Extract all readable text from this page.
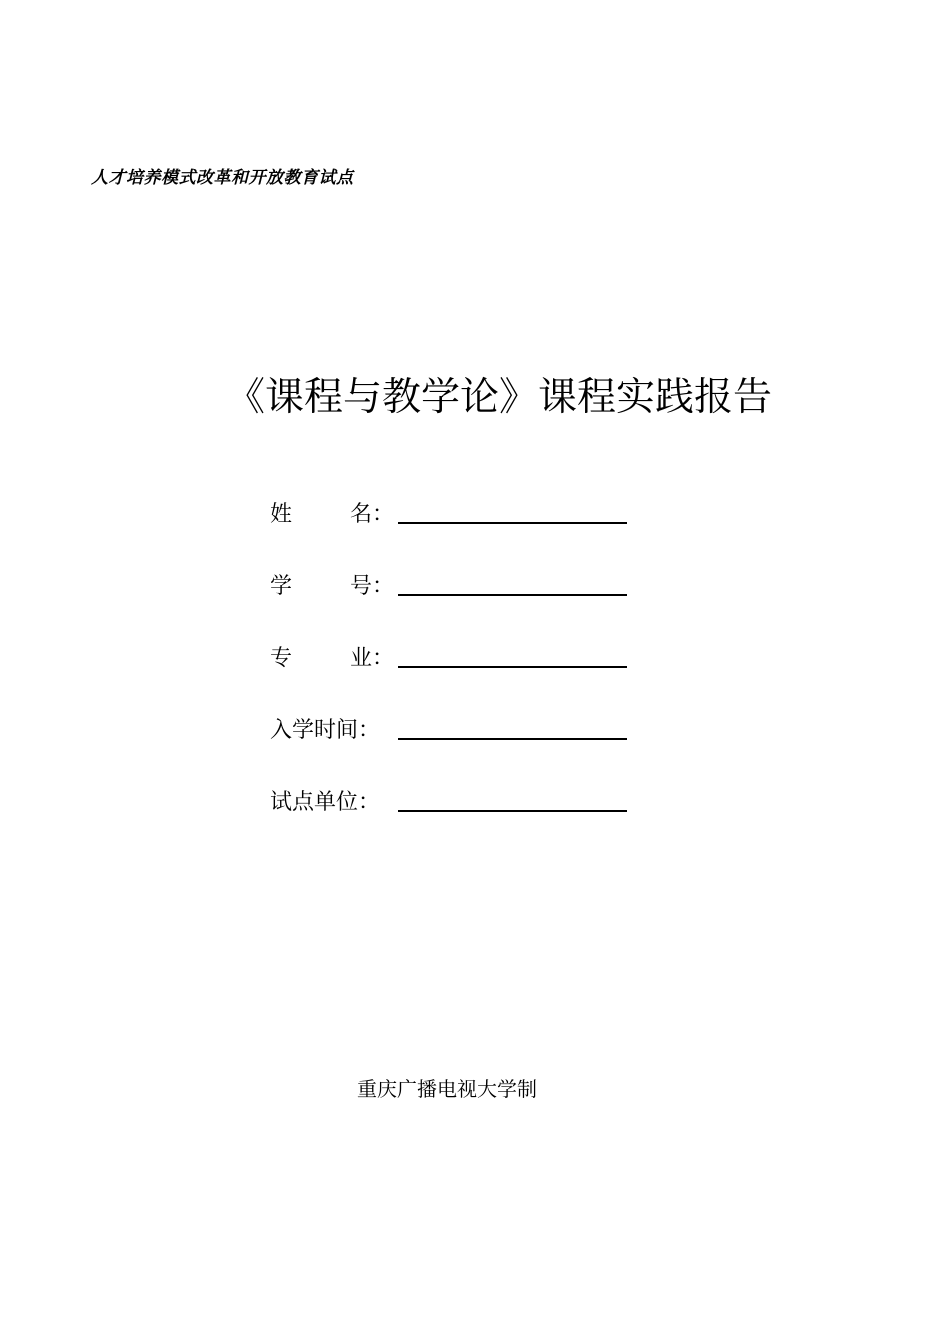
人才培养模式改革和开放教育试点
《课程与教学论》课程实践报告
姓	名 ：
学	号 ：
专	业 ：
入学时间：
试点单位：
重庆广播电视大学制
